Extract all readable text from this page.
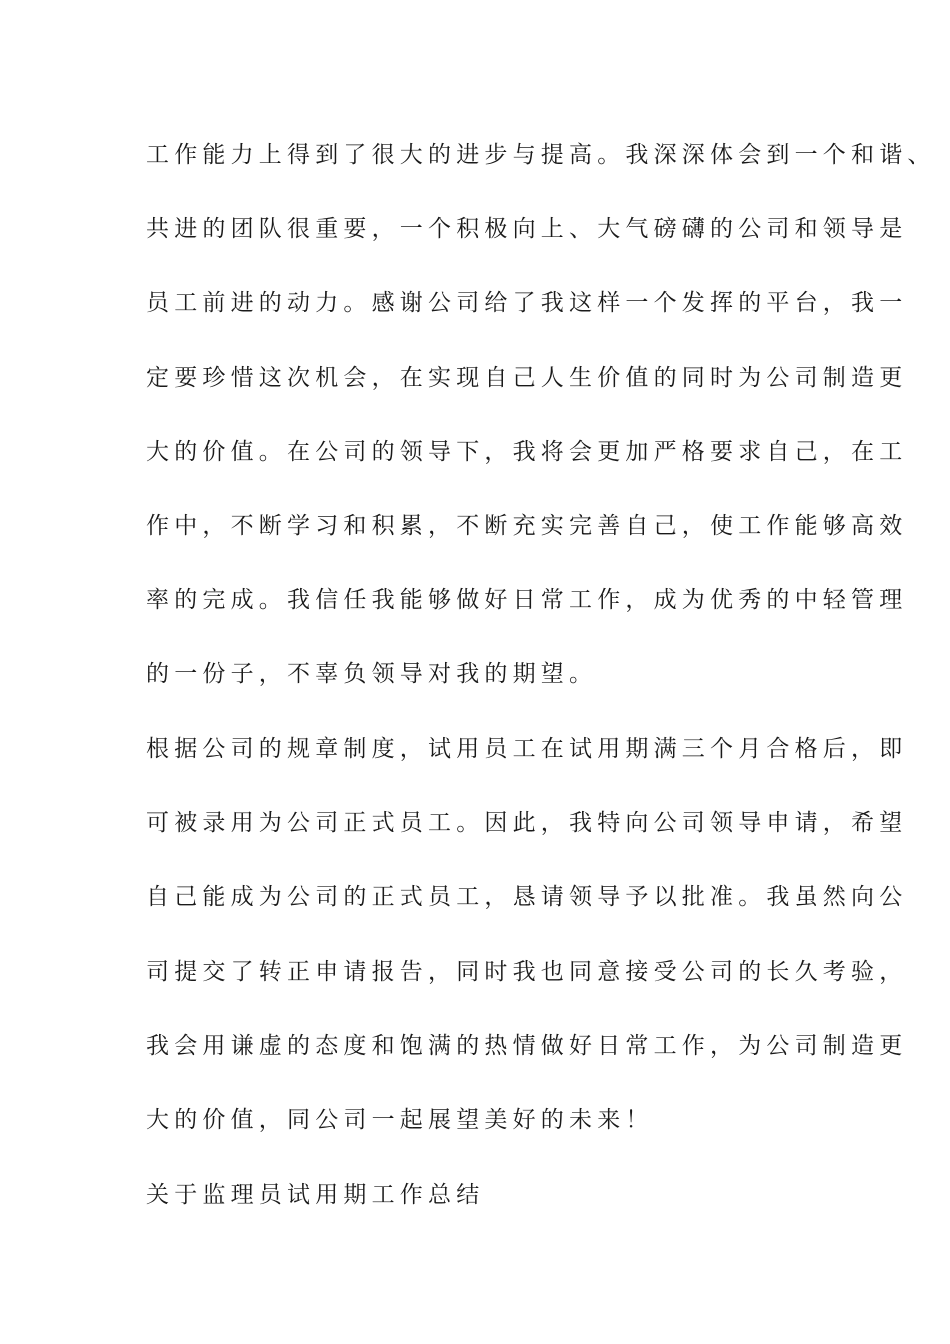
工作能力上得到了很大的进步与提高。我深深体会到一个和谐、
共进的团队很重要，一个积极向上、大气磅礴的公司和领导是
员工前进的动力。感谢公司给了我这样一个发挥的平台，我一
定要珍惜这次机会，在实现自己人生价值的同时为公司制造更
大的价值。在公司的领导下，我将会更加严格要求自己，在工
作中，不断学习和积累，不断充实完善自己，使工作能够高效
率的完成。我信任我能够做好日常工作，成为优秀的中轻管理
的一份子，不辜负领导对我的期望。
根据公司的规章制度，试用员工在试用期满三个月合格后，即
可被录用为公司正式员工。因此，我特向公司领导申请，希望
自己能成为公司的正式员工，恳请领导予以批准。我虽然向公
司提交了转正申请报告，同时我也同意接受公司的长久考验，
我会用谦虚的态度和饱满的热情做好日常工作，为公司制造更
大的价值，同公司一起展望美好的未来！
关于监理员试用期工作总结
